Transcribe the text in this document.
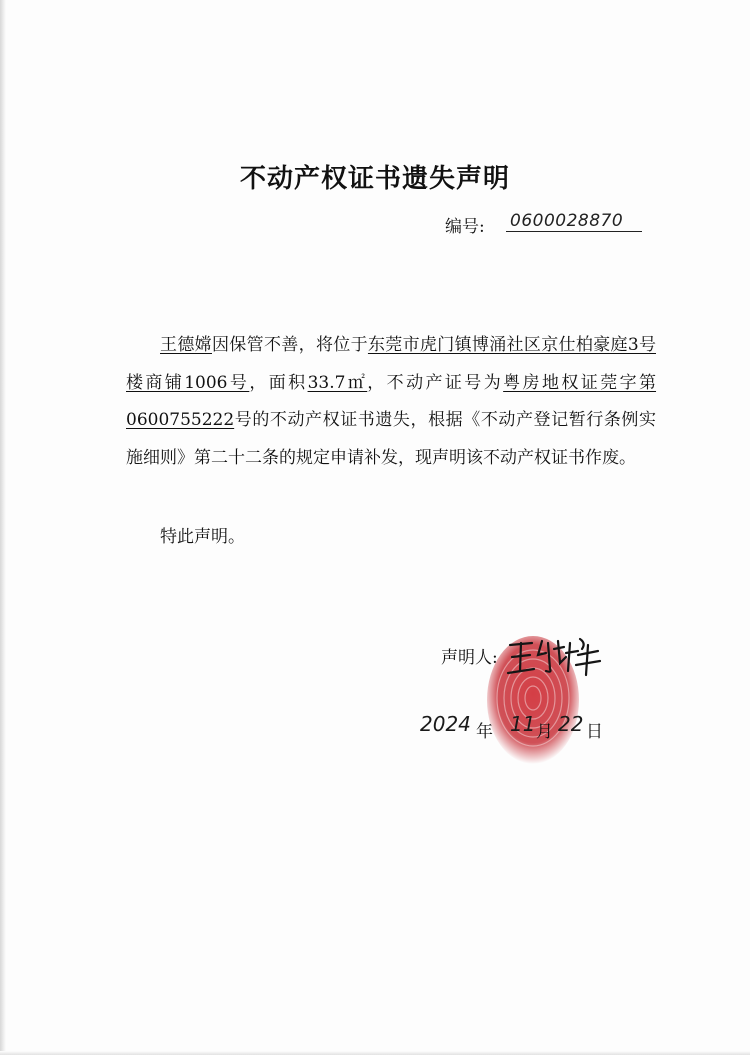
不动产权证书遗失声明
编号: 0600028870

王德嫦因保管不善，将位于东莞市虎门镇博涌社区京仕柏豪庭3号楼商铺1006号，面积33.7㎡，不动产证号为粤房地权证莞字第0600755222号的不动产权证书遗失，根据《不动产登记暂行条例实施细则》第二十二条的规定申请补发，现声明该不动产权证书作废。

特此声明。
声明人:
2024 年 11 月 22 日
